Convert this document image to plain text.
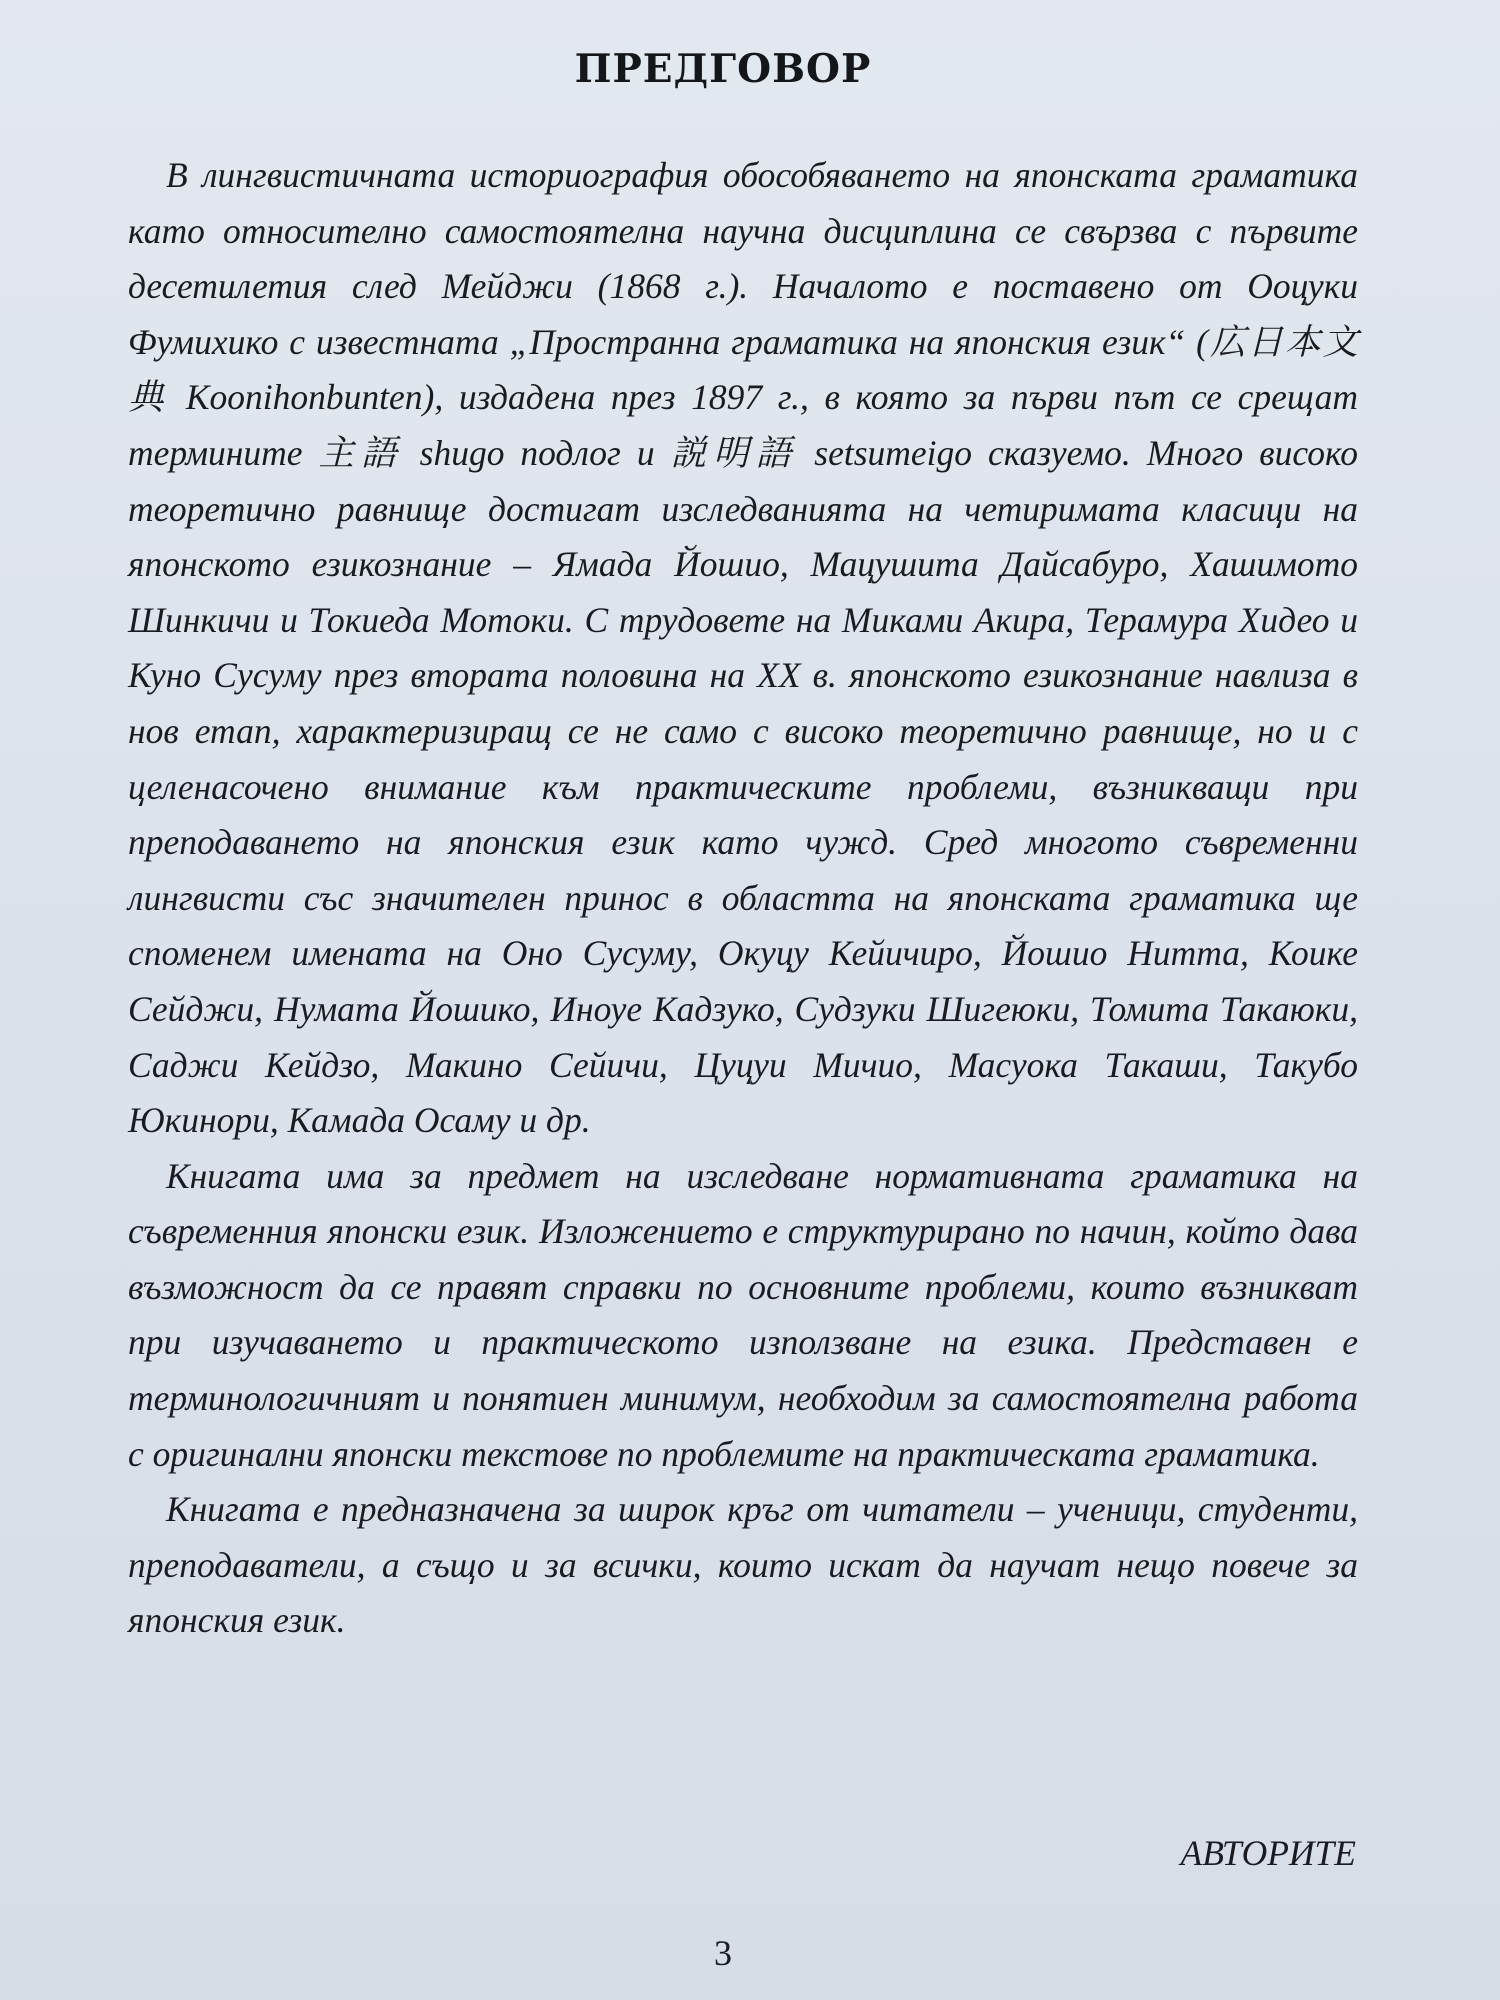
ПРЕДГОВОР

В лингвистичната историография обособяването на японската граматика като относително самостоятелна научна дисциплина се свързва с първите десетилетия след Мейджи (1868 г.). Началото е поставено от Ооцуки Фумихико с известната „Пространна граматика на японския език“ (広日本文典 Koonihonbunten), издадена през 1897 г., в която за първи път се срещат термините 主語 shugo подлог и 説明語 setsumeigo сказуемо. Много високо теоретично равнище достигат изследванията на четиримата класици на японското езикознание – Ямада Йошиo, Мацушита Дайсабуро, Хашимото Шинкичи и Токиеда Мотоки. С трудовете на Миками Акира, Терамура Хидео и Куно Сусуму през втората половина на ХХ в. японското езикознание навлиза в нов етап, характеризиращ се не само с високо теоретично равнище, но и с целенасочено внимание към практическите проблеми, възникващи при преподаването на японския език като чужд. Сред многото съвременни лингвисти със значителен принос в областта на японската граматика ще споменем имената на Оно Сусуму, Окуцу Кейичиро, Йошио Нитта, Коике Сейджи, Нумата Йошико, Иноуе Кадзуко, Судзуки Шигеюки, Томита Такаюки, Саджи Кейдзо, Макино Сейичи, Цуцуи Мичио, Масуока Такаши, Такубо Юкинори, Камада Осаму и др.

Книгата има за предмет на изследване нормативната граматика на съвременния японски език. Изложението е структурирано по начин, който дава възможност да се правят справки по основните проблеми, които възникват при изучаването и практическото използване на езика. Представен е терминологичният и понятиен минимум, необходим за самостоятелна работа с оригинални японски текстове по проблемите на практическата граматика.

Книгата е предназначена за широк кръг от читатели – ученици, студенти, преподаватели, а също и за всички, които искат да научат нещо повече за японския език.

АВТОРИТЕ
3
